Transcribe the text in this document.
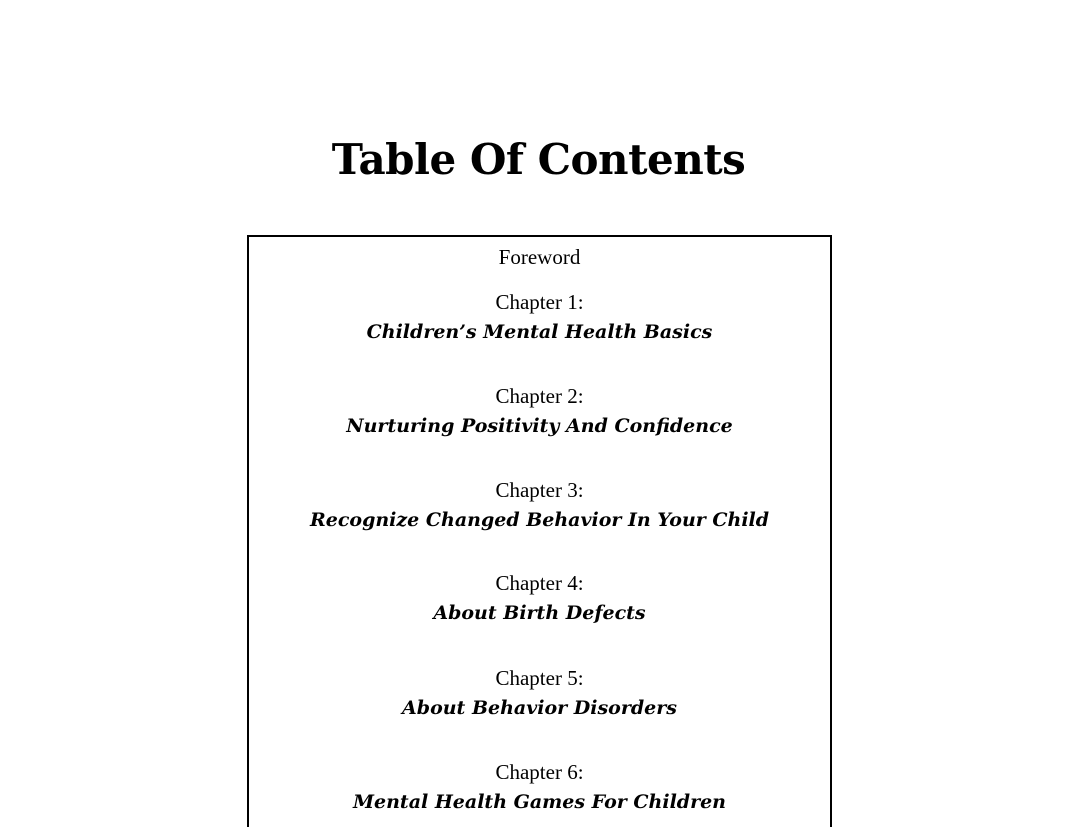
Table Of Contents
Foreword
Chapter 1:
Children’s Mental Health Basics
Chapter 2:
Nurturing Positivity And Confidence
Chapter 3:
Recognize Changed Behavior In Your Child
Chapter 4:
About Birth Defects
Chapter 5:
About Behavior Disorders
Chapter 6:
Mental Health Games For Children
